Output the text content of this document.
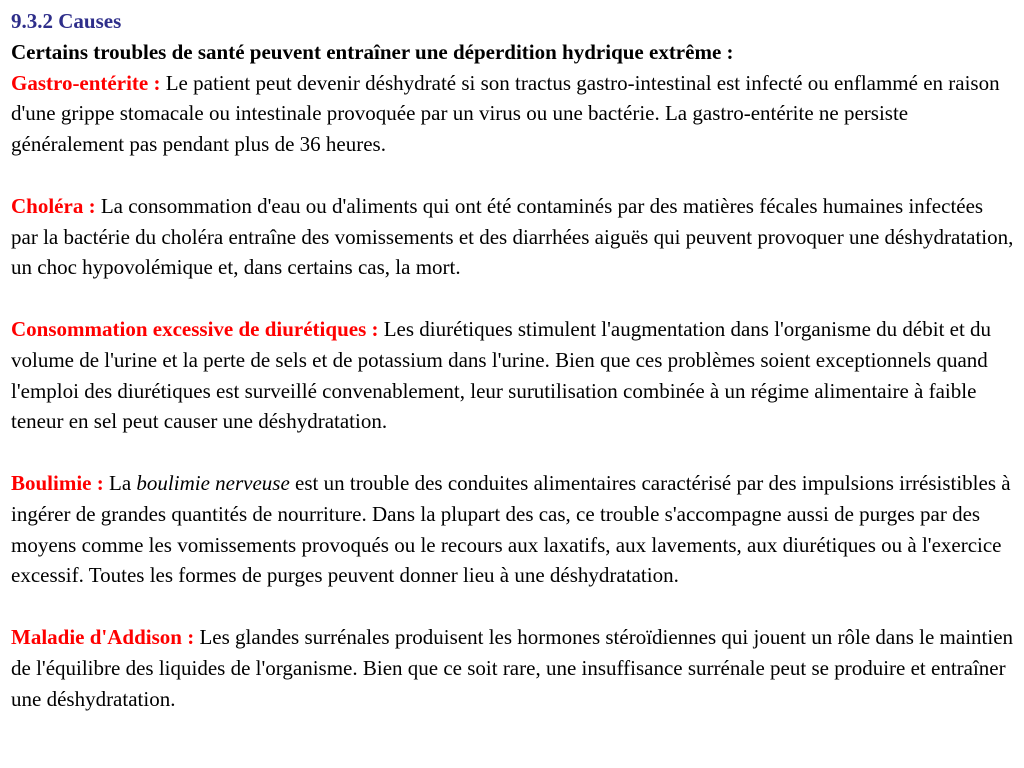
9.3.2 Causes
Certains troubles de santé peuvent entraîner une déperdition hydrique extrême :
Gastro-entérite : Le patient peut devenir déshydraté si son tractus gastro-intestinal est infecté ou enflammé en raison d'une grippe stomacale ou intestinale provoquée par un virus ou une bactérie. La gastro-entérite ne persiste généralement pas pendant plus de 36 heures.
Choléra : La consommation d'eau ou d'aliments qui ont été contaminés par des matières fécales humaines infectées par la bactérie du choléra entraîne des vomissements et des diarrhées aiguës qui peuvent provoquer une déshydratation, un choc hypovolémique et, dans certains cas, la mort.
Consommation excessive de diurétiques : Les diurétiques stimulent l'augmentation dans l'organisme du débit et du volume de l'urine et la perte de sels et de potassium dans l'urine. Bien que ces problèmes soient exceptionnels quand l'emploi des diurétiques est surveillé convenablement, leur surutilisation combinée à un régime alimentaire à faible teneur en sel peut causer une déshydratation.
Boulimie : La boulimie nerveuse est un trouble des conduites alimentaires caractérisé par des impulsions irrésistibles à ingérer de grandes quantités de nourriture. Dans la plupart des cas, ce trouble s'accompagne aussi de purges par des moyens comme les vomissements provoqués ou le recours aux laxatifs, aux lavements, aux diurétiques ou à l'exercice excessif. Toutes les formes de purges peuvent donner lieu à une déshydratation.
Maladie d'Addison : Les glandes surrénales produisent les hormones stéroïdiennes qui jouent un rôle dans le maintien de l'équilibre des liquides de l'organisme. Bien que ce soit rare, une insuffisance surrénale peut se produire et entraîner une déshydratation.
